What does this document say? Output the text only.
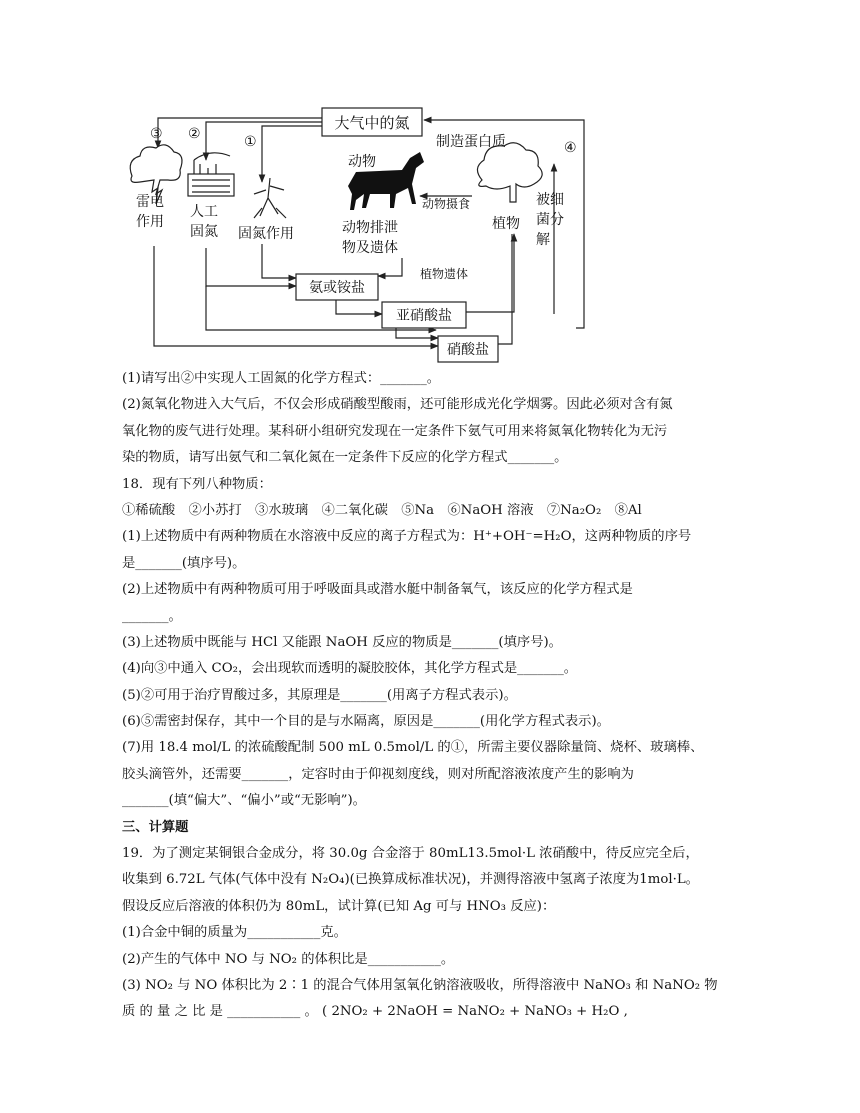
大气中的氮
③ ②	①	④
制造蛋白质
动物
动物摄食
雷电
作用
人工
固氮 固氮作用	动物排泄
物及遗体
植物
被细
菌分
解
植物遗体
氨或铵盐
亚硝酸盐
硝酸盐
(1)请写出②中实现人工固氮的化学方程式：_______。
(2)氮氧化物进入大气后，不仅会形成硝酸型酸雨，还可能形成光化学烟雾。因此必须对含有氮
氧化物的废气进行处理。某科研小组研究发现在一定条件下氨气可用来将氮氧化物转化为无污
染的物质，请写出氨气和二氧化氮在一定条件下反应的化学方程式_______。
18．现有下列八种物质：
①稀硫酸　②小苏打　③水玻璃　④二氧化碳　⑤Na　⑥NaOH 溶液　⑦Na₂O₂　⑧Al
(1)上述物质中有两种物质在水溶液中反应的离子方程式为：H⁺+OH⁻=H₂O，这两种物质的序号
是_______(填序号)。
(2)上述物质中有两种物质可用于呼吸面具或潜水艇中制备氧气，该反应的化学方程式是
_______。
(3)上述物质中既能与 HCl 又能跟 NaOH 反应的物质是_______(填序号)。
(4)向③中通入 CO₂，会出现软而透明的凝胶胶体，其化学方程式是_______。
(5)②可用于治疗胃酸过多，其原理是_______(用离子方程式表示)。
(6)⑤需密封保存，其中一个目的是与水隔离，原因是_______(用化学方程式表示)。
(7)用 18.4 mol/L 的浓硫酸配制 500 mL 0.5mol/L 的①，所需主要仪器除量筒、烧杯、玻璃棒、
胶头滴管外，还需要_______，定容时由于仰视刻度线，则对所配溶液浓度产生的影响为
_______(填“偏大”、“偏小”或“无影响”)。
三、计算题
19．为了测定某铜银合金成分，将 30.0g 合金溶于 80mL13.5mol·L 浓硝酸中，待反应完全后，
收集到 6.72L 气体(气体中没有 N₂O₄)(已换算成标准状况)，并测得溶液中氢离子浓度为1mol·L。
假设反应后溶液的体积仍为 80mL，试计算(已知 Ag 可与 HNO₃ 反应)：
(1)合金中铜的质量为___________克。
(2)产生的气体中 NO 与 NO₂ 的体积比是___________。
(3) NO₂ 与 NO 体积比为 2∶1 的混合气体用氢氧化钠溶液吸收，所得溶液中 NaNO₃ 和 NaNO₂ 物
质 的 量 之 比 是 ___________ 。 ( 2NO₂ + 2NaOH = NaNO₂ + NaNO₃ + H₂O ,
